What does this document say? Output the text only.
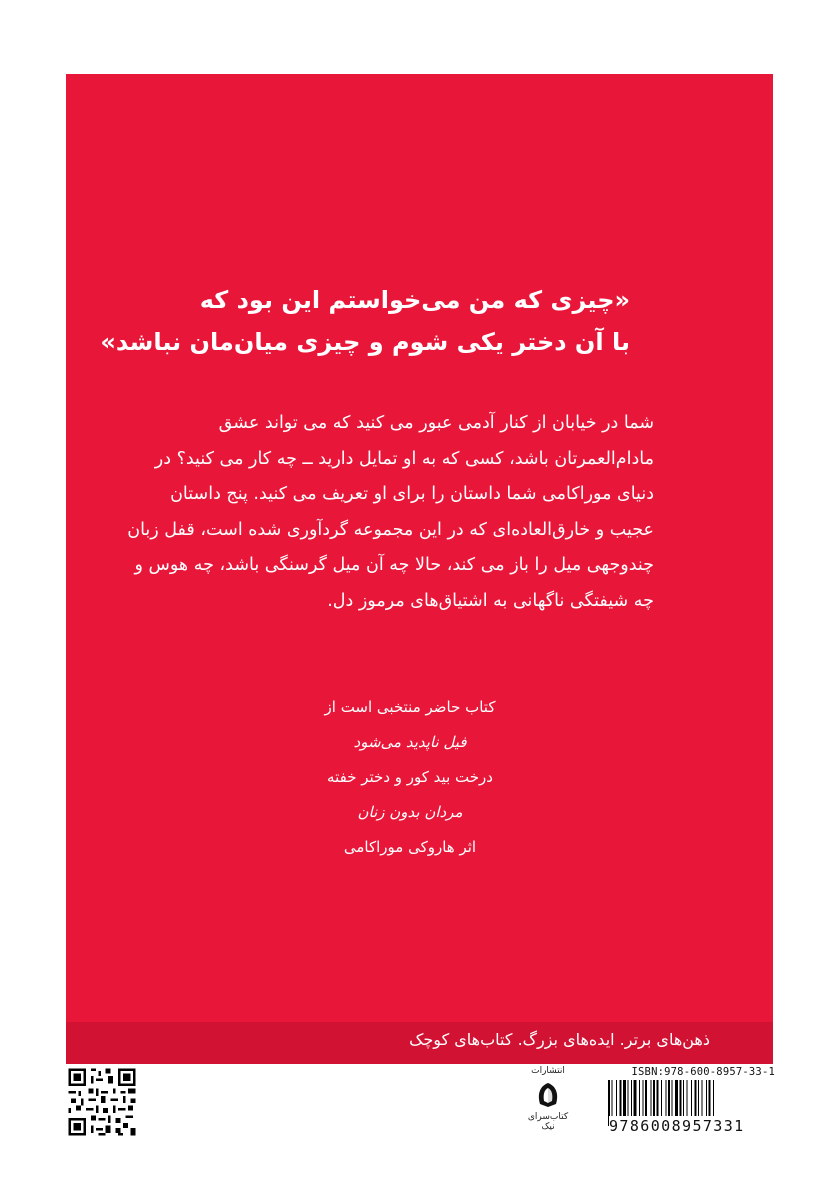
«چیزی که من می‌خواستم این بود که
با آن دختر یکی شوم و چیزی میان‌مان نباشد»
شما در خیابان از کنار آدمی عبور می کنید که می تواند عشق مادام‌العمرتان باشد، کسی که به او تمایل دارید ــ چه کار می کنید؟ در دنیای موراکامی شما داستان را برای او تعریف می کنید. پنج داستان عجیب و خارق‌العاده‌ای که در این مجموعه گردآوری شده است، قفل زبان چندوجهی میل را باز می کند، حالا چه آن میل گرسنگی باشد، چه هوس و چه شیفتگی ناگهانی به اشتیاق‌های مرموز دل.
کتاب حاضر منتخبی است از
فیل ناپدید می‌شود
درخت بید کور و دختر خفته
مردان بدون زنان
اثر هاروکی موراکامی
ذهن‌های برتر. ایده‌های بزرگ. کتاب‌های کوچک
انتشارات
کتاب‌سرای نیک
ISBN:978-600-8957-33-1
9786008957331
